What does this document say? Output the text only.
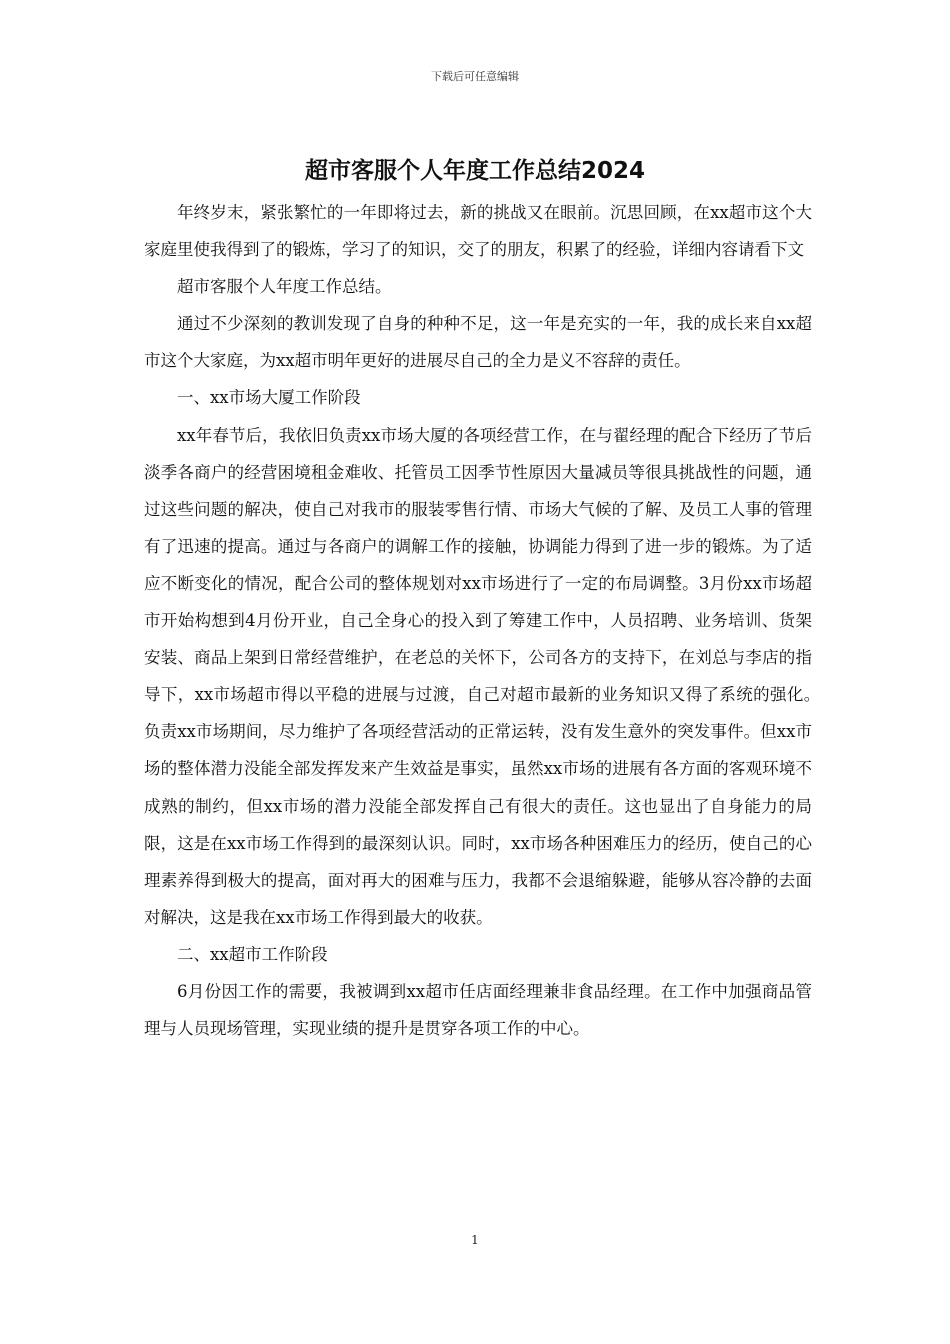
下载后可任意编辑
超市客服个人年度工作总结2024

年终岁末，紧张繁忙的一年即将过去，新的挑战又在眼前。沉思回顾，在xx超市这个大家庭里使我得到了的锻炼，学习了的知识，交了的朋友，积累了的经验，详细内容请看下文

超市客服个人年度工作总结。

通过不少深刻的教训发现了自身的种种不足，这一年是充实的一年，我的成长来自xx超市这个大家庭，为xx超市明年更好的进展尽自己的全力是义不容辞的责任。

一、xx市场大厦工作阶段

xx年春节后，我依旧负责xx市场大厦的各项经营工作，在与翟经理的配合下经历了节后淡季各商户的经营困境租金难收、托管员工因季节性原因大量减员等很具挑战性的问题，通过这些问题的解决，使自己对我市的服装零售行情、市场大气候的了解、及员工人事的管理有了迅速的提高。通过与各商户的调解工作的接触，协调能力得到了进一步的锻炼。为了适应不断变化的情况，配合公司的整体规划对xx市场进行了一定的布局调整。3月份xx市场超市开始构想到4月份开业，自己全身心的投入到了筹建工作中，人员招聘、业务培训、货架安装、商品上架到日常经营维护，在老总的关怀下，公司各方的支持下，在刘总与李店的指导下，xx市场超市得以平稳的进展与过渡，自己对超市最新的业务知识又得了系统的强化。　负责xx市场期间，尽力维护了各项经营活动的正常运转，没有发生意外的突发事件。但xx市场的整体潜力没能全部发挥发来产生效益是事实，虽然xx市场的进展有各方面的客观环境不成熟的制约，但xx市场的潜力没能全部发挥自己有很大的责任。这也显出了自身能力的局限，这是在xx市场工作得到的最深刻认识。同时，xx市场各种困难压力的经历，使自己的心理素养得到极大的提高，面对再大的困难与压力，我都不会退缩躲避，能够从容冷静的去面对解决，这是我在xx市场工作得到最大的收获。

二、xx超市工作阶段

6月份因工作的需要，我被调到xx超市任店面经理兼非食品经理。在工作中加强商品管理与人员现场管理，实现业绩的提升是贯穿各项工作的中心。

1
